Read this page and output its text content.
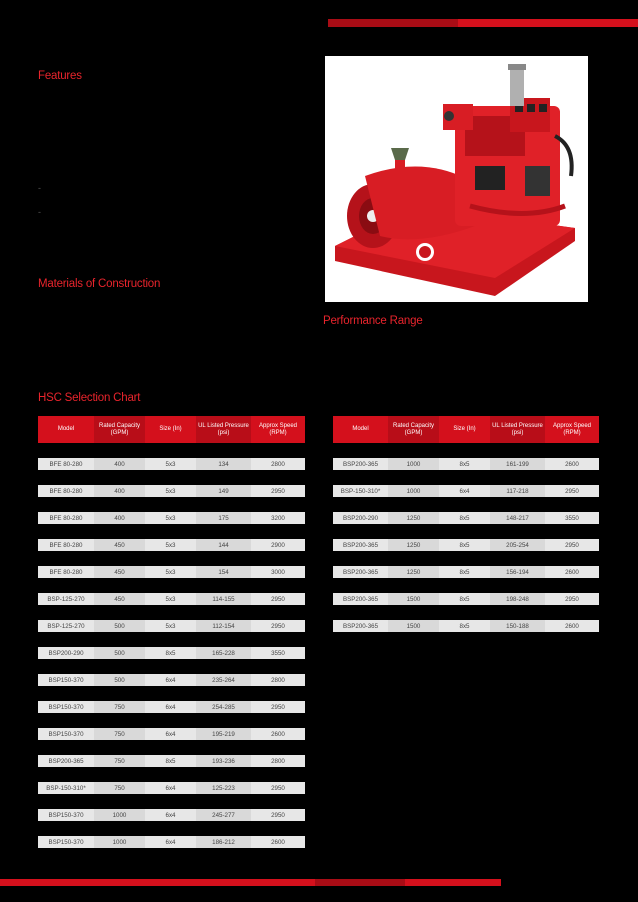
Features
-
-
Materials of Construction
Performance Range
HSC Selection Chart
Model	Rated Capacity (GPM)	Size (In)	UL Listed Pressure (psi)	Approx Speed (RPM)
BFE 80-280	400	5x3	134	2800
BFE 80-280	400	5x3	149	2950
BFE 80-280	400	5x3	175	3200
BFE 80-280	450	5x3	144	2900
BFE 80-280	450	5x3	154	3000
BSP-125-270	450	5x3	114-155	2950
BSP-125-270	500	5x3	112-154	2950
BSP200-290	500	8x5	165-228	3550
BSP150-370	500	6x4	235-264	2800
BSP150-370	750	6x4	254-285	2950
BSP150-370	750	6x4	195-219	2600
BSP200-365	750	8x5	193-236	2800
BSP-150-310*	750	6x4	125-223	2950
BSP150-370	1000	6x4	245-277	2950
BSP150-370	1000	6x4	186-212	2600
Model	Rated Capacity (GPM)	Size (In)	UL Listed Pressure (psi)	Approx Speed (RPM)
BSP200-365	1000	8x5	161-199	2600
BSP-150-310*	1000	6x4	117-218	2950
BSP200-290	1250	8x5	148-217	3550
BSP200-365	1250	8x5	205-254	2950
BSP200-365	1250	8x5	156-194	2600
BSP200-365	1500	8x5	198-248	2950
BSP200-365	1500	8x5	150-188	2600
